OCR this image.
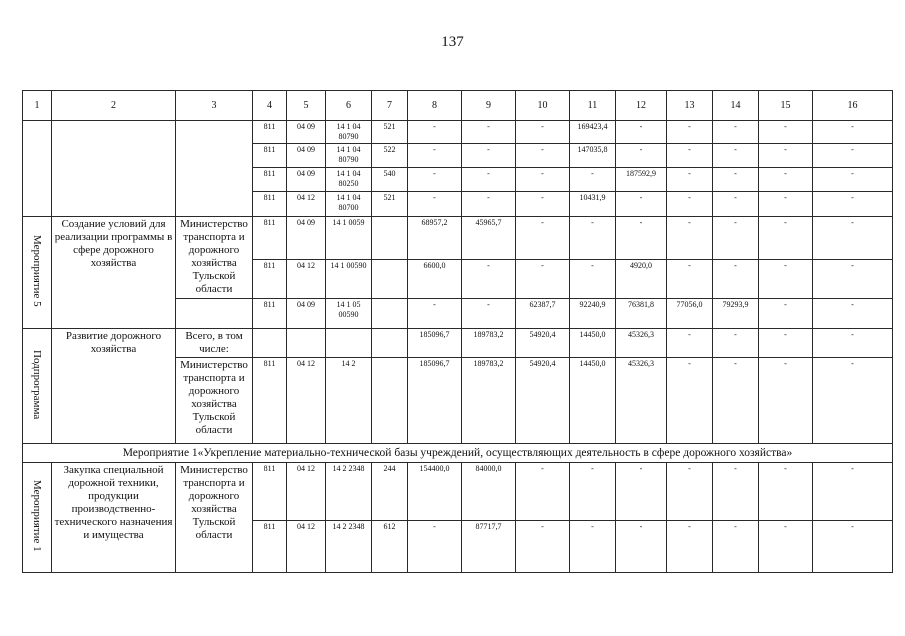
137
1	2	3	4	5	6	7	8	9	10	11	12	13	14	15	16
			811	04 09	14 1 04 80790	521	-	-	-	169423,4	-	-	-	-	-
			811	04 09	14 1 04 80790	522	-	-	-	147035,8	-	-	-	-	-
			811	04 09	14 1 04 80250	540	-	-	-	-	187592,9	-	-	-	-
			811	04 12	14 1 04 80700	521	-	-	-	10431,9	-	-	-	-	-
Мероприятие 5	Создание условий для реализации программы в сфере дорожного хозяйства	Министерство транспорта и дорожного хозяйства Тульской области	811	04 09	14 1 0059		68957,2	45965,7	-	-	-	-	-	-	-
			811	04 12	14 1 00590		6600,0	-	-	-	4920,0	-	-	-	-
			811	04 09	14 1 05 00590		-	-	62387,7	92240,9	76381,8	77056,0	79293,9	-	-
Подпрограмма	Развитие дорожного хозяйства	Всего, в том числе:					185096,7	189783,2	54920,4	14450,0	45326,3	-	-	-	-
		Министерство транспорта и дорожного хозяйства Тульской области	811	04 12	14 2		185096,7	189783,2	54920,4	14450,0	45326,3	-	-	-	-
Мероприятие 1«Укрепление материально-технической базы учреждений, осуществляющих деятельность в сфере дорожного хозяйства»															
Мероприятие 1	Закупка специальной дорожной техники, продукции производственно-технического назначения и имущества	Министерство транспорта и дорожного хозяйства Тульской области	811	04 12	14 2 2348	244	154400,0	84000,0	-	-	-	-	-	-	-
			811	04 12	14 2 2348	612	-	87717,7	-	-	-	-	-	-	-
